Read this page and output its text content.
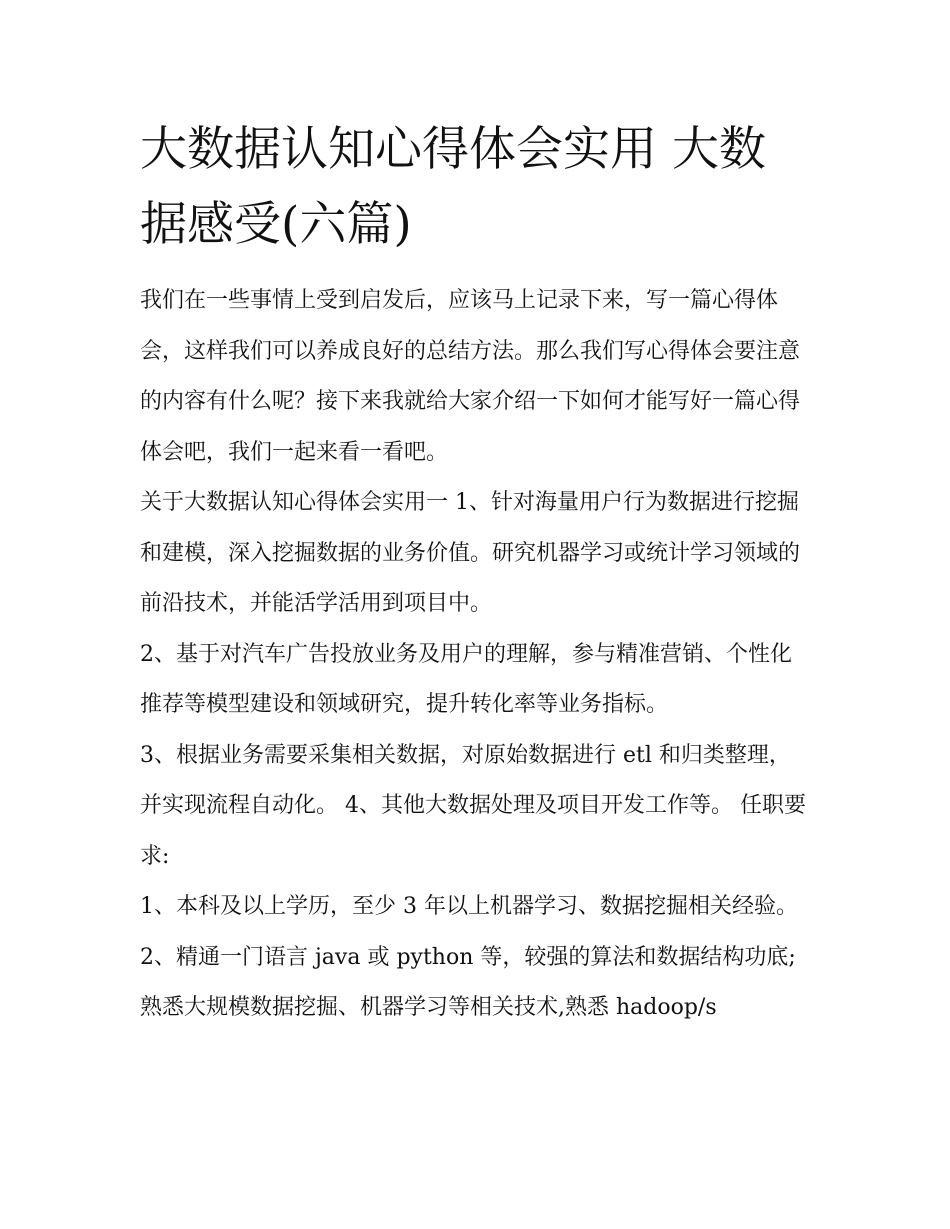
大数据认知心得体会实用 大数据感受(六篇)

我们在一些事情上受到启发后，应该马上记录下来，写一篇心得体会，这样我们可以养成良好的总结方法。那么我们写心得体会要注意的内容有什么呢？接下来我就给大家介绍一下如何才能写好一篇心得体会吧，我们一起来看一看吧。

关于大数据认知心得体会实用一 1、针对海量用户行为数据进行挖掘和建模，深入挖掘数据的业务价值。研究机器学习或统计学习领域的前沿技术，并能活学活用到项目中。

2、基于对汽车广告投放业务及用户的理解，参与精准营销、个性化推荐等模型建设和领域研究，提升转化率等业务指标。

3、根据业务需要采集相关数据，对原始数据进行 etl 和归类整理，并实现流程自动化。 4、其他大数据处理及项目开发工作等。 任职要求:

1、本科及以上学历，至少 3 年以上机器学习、数据挖掘相关经验。

2、精通一门语言 java 或 python 等，较强的算法和数据结构功底;熟悉大规模数据挖掘、机器学习等相关技术,熟悉 hadoop/s
